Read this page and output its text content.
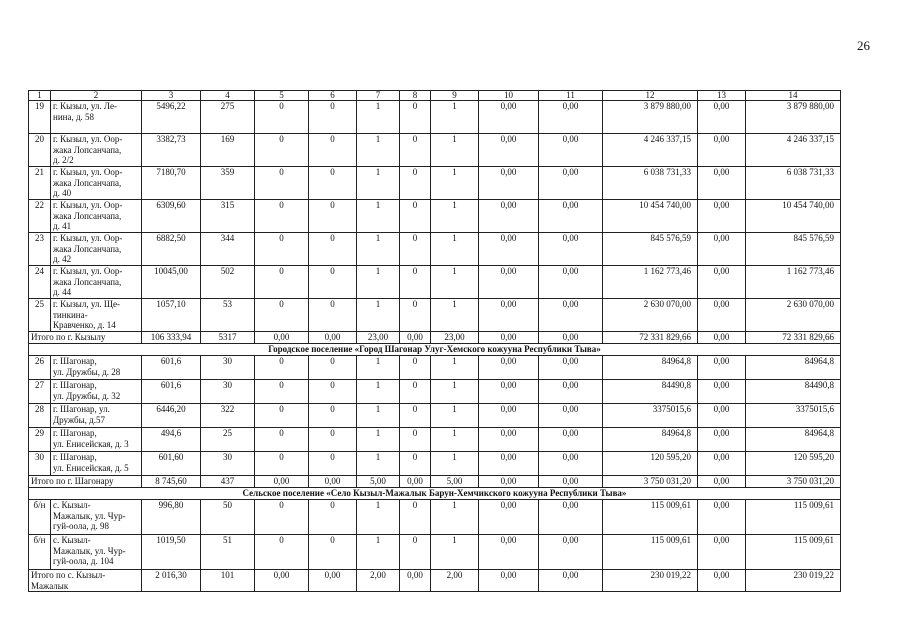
26
1	2	3	4	5	6	7	8	9	10	11	12	13	14
19	г. Кызыл, ул. Ле-
нина, д. 58	5496,22	275	0	0	1	0	1	0,00	0,00	3 879 880,00	0,00	3 879 880,00
20	г. Кызыл, ул. Оор-
жака Лопсанчапа,
д. 2/2	3382,73	169	0	0	1	0	1	0,00	0,00	4 246 337,15	0,00	4 246 337,15
21	г. Кызыл, ул. Оор-
жака Лопсанчапа,
д. 40	7180,70	359	0	0	1	0	1	0,00	0,00	6 038 731,33	0,00	6 038 731,33
22	г. Кызыл, ул. Оор-
жака Лопсанчапа,
д. 41	6309,60	315	0	0	1	0	1	0,00	0,00	10 454 740,00	0,00	10 454 740,00
23	г. Кызыл, ул. Оор-
жака Лопсанчапа,
д. 42	6882,50	344	0	0	1	0	1	0,00	0,00	845 576,59	0,00	845 576,59
24	г. Кызыл, ул. Оор-
жака Лопсанчапа,
д. 44	10045,00	502	0	0	1	0	1	0,00	0,00	1 162 773,46	0,00	1 162 773,46
25	г. Кызыл, ул. Ще-
тинкина-
Кравченко, д. 14	1057,10	53	0	0	1	0	1	0,00	0,00	2 630 070,00	0,00	2 630 070,00
Итого по г. Кызылу		106 333,94	5317	0,00	0,00	23,00	0,00	23,00	0,00	0,00	72 331 829,66	0,00	72 331 829,66
Городское поселение «Город Шагонар Улуг-Хемского кожууна Республики Тыва»													
26	г. Шагонар,
ул. Дружбы, д. 28	601,6	30	0	0	1	0	1	0,00	0,00	84964,8	0,00	84964,8
27	г. Шагонар,
ул. Дружбы, д. 32	601,6	30	0	0	1	0	1	0,00	0,00	84490,8	0,00	84490,8
28	г. Шагонар, ул.
Дружбы, д.57	6446,20	322	0	0	1	0	1	0,00	0,00	3375015,6	0,00	3375015,6
29	г. Шагонар,
ул. Енисейская, д. 3	494,6	25	0	0	1	0	1	0,00	0,00	84964,8	0,00	84964,8
30	г. Шагонар,
ул. Енисейская, д. 5	601,60	30	0	0	1	0	1	0,00	0,00	120 595,20	0,00	120 595,20
Итого по г. Шагонару		8 745,60	437	0,00	0,00	5,00	0,00	5,00	0,00	0,00	3 750 031,20	0,00	3 750 031,20
Сельское поселение «Село Кызыл-Мажалык Барун-Хемчикского кожууна Республики Тыва»													
б/н	с. Кызыл-
Мажалык, ул. Чур-
гуй-оола, д. 98	996,80	50	0	0	1	0	1	0,00	0,00	115 009,61	0,00	115 009,61
б/н	с. Кызыл-
Мажалык, ул. Чур-
гуй-оола, д. 104	1019,50	51	0	0	1	0	1	0,00	0,00	115 009,61	0,00	115 009,61
Итого по с. Кызыл-
Мажалык		2 016,30	101	0,00	0,00	2,00	0,00	2,00	0,00	0,00	230 019,22	0,00	230 019,22
